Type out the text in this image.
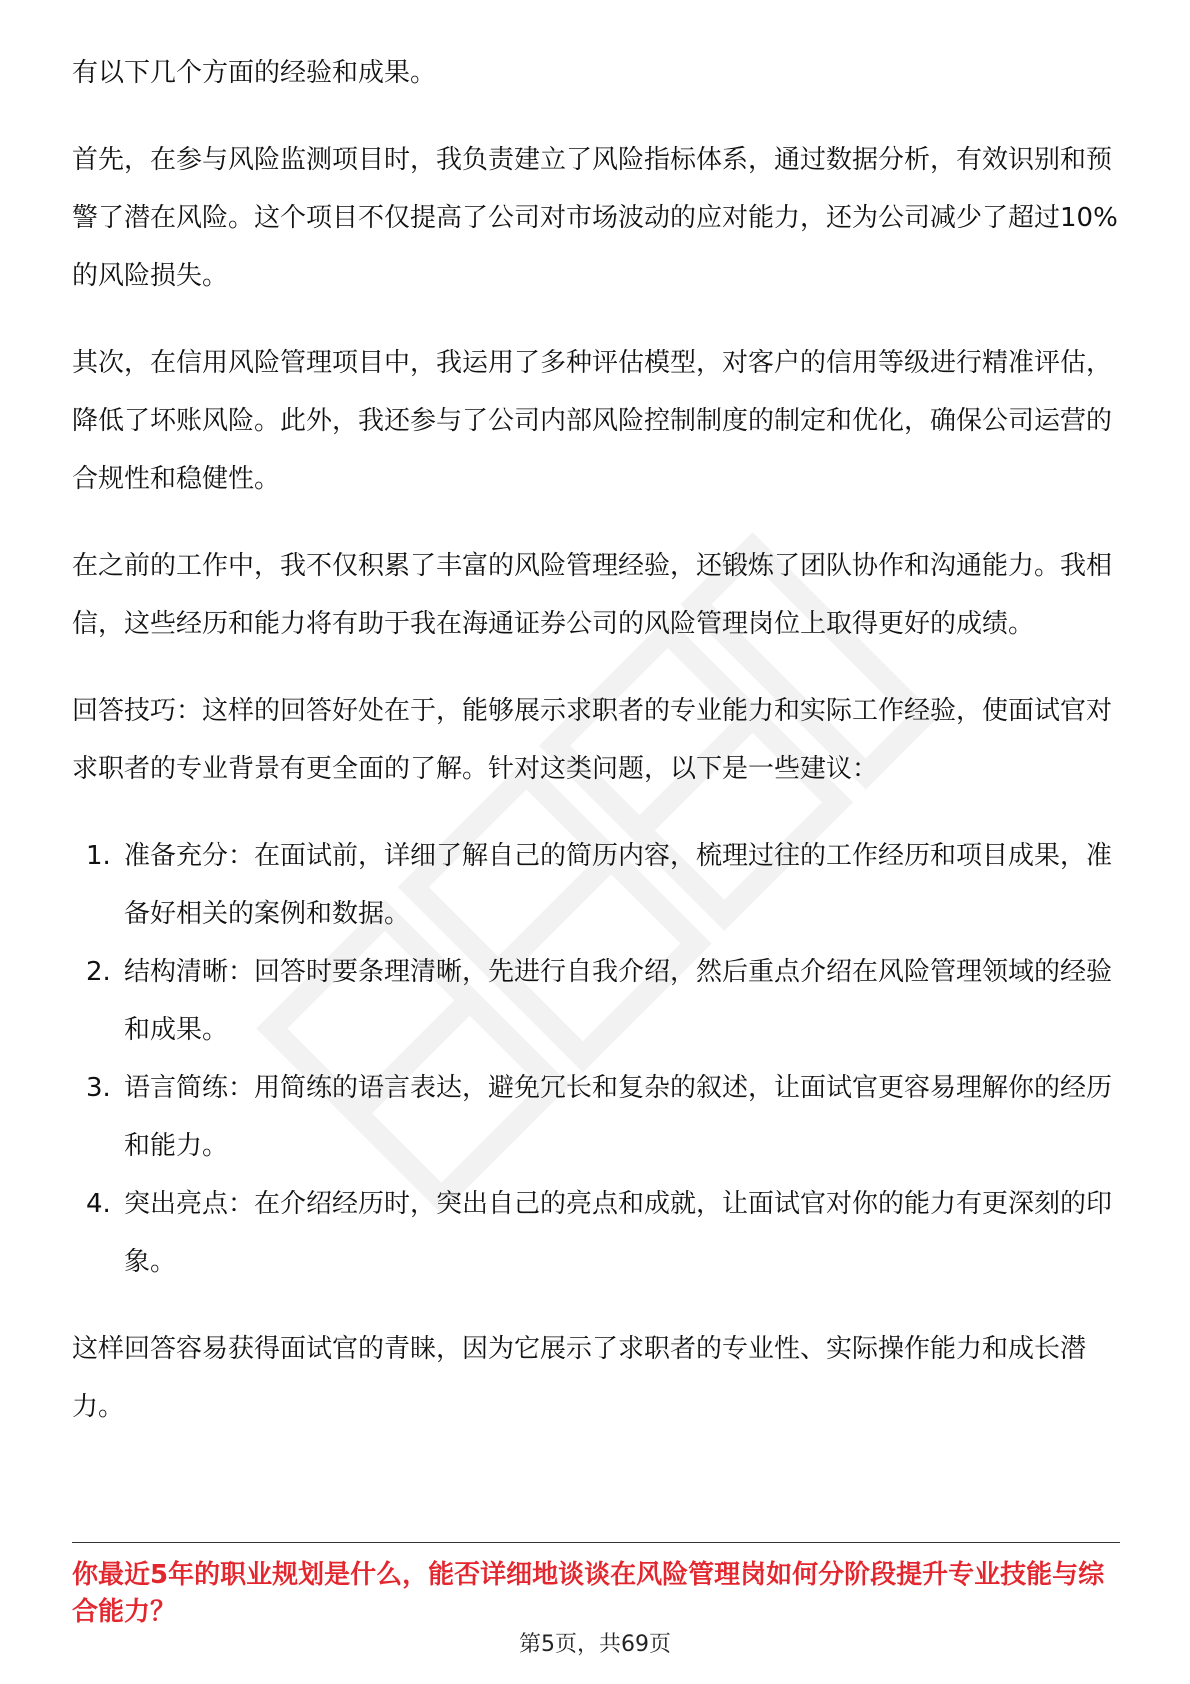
有以下几个方面的经验和成果。

首先，在参与风险监测项目时，我负责建立了风险指标体系，通过数据分析，有效识别和预警了潜在风险。这个项目不仅提高了公司对市场波动的应对能力，还为公司减少了超过10%的风险损失。

其次，在信用风险管理项目中，我运用了多种评估模型，对客户的信用等级进行精准评估，降低了坏账风险。此外，我还参与了公司内部风险控制制度的制定和优化，确保公司运营的合规性和稳健性。

在之前的工作中，我不仅积累了丰富的风险管理经验，还锻炼了团队协作和沟通能力。我相信，这些经历和能力将有助于我在海通证券公司的风险管理岗位上取得更好的成绩。

回答技巧：这样的回答好处在于，能够展示求职者的专业能力和实际工作经验，使面试官对求职者的专业背景有更全面的了解。针对这类问题，以下是一些建议：

1. 准备充分：在面试前，详细了解自己的简历内容，梳理过往的工作经历和项目成果，准备好相关的案例和数据。
2. 结构清晰：回答时要条理清晰，先进行自我介绍，然后重点介绍在风险管理领域的经验和成果。
3. 语言简练：用简练的语言表达，避免冗长和复杂的叙述，让面试官更容易理解你的经历和能力。
4. 突出亮点：在介绍经历时，突出自己的亮点和成就，让面试官对你的能力有更深刻的印象。

这样回答容易获得面试官的青睐，因为它展示了求职者的专业性、实际操作能力和成长潜力。

你最近5年的职业规划是什么，能否详细地谈谈在风险管理岗如何分阶段提升专业技能与综合能力？
第5页，共69页
